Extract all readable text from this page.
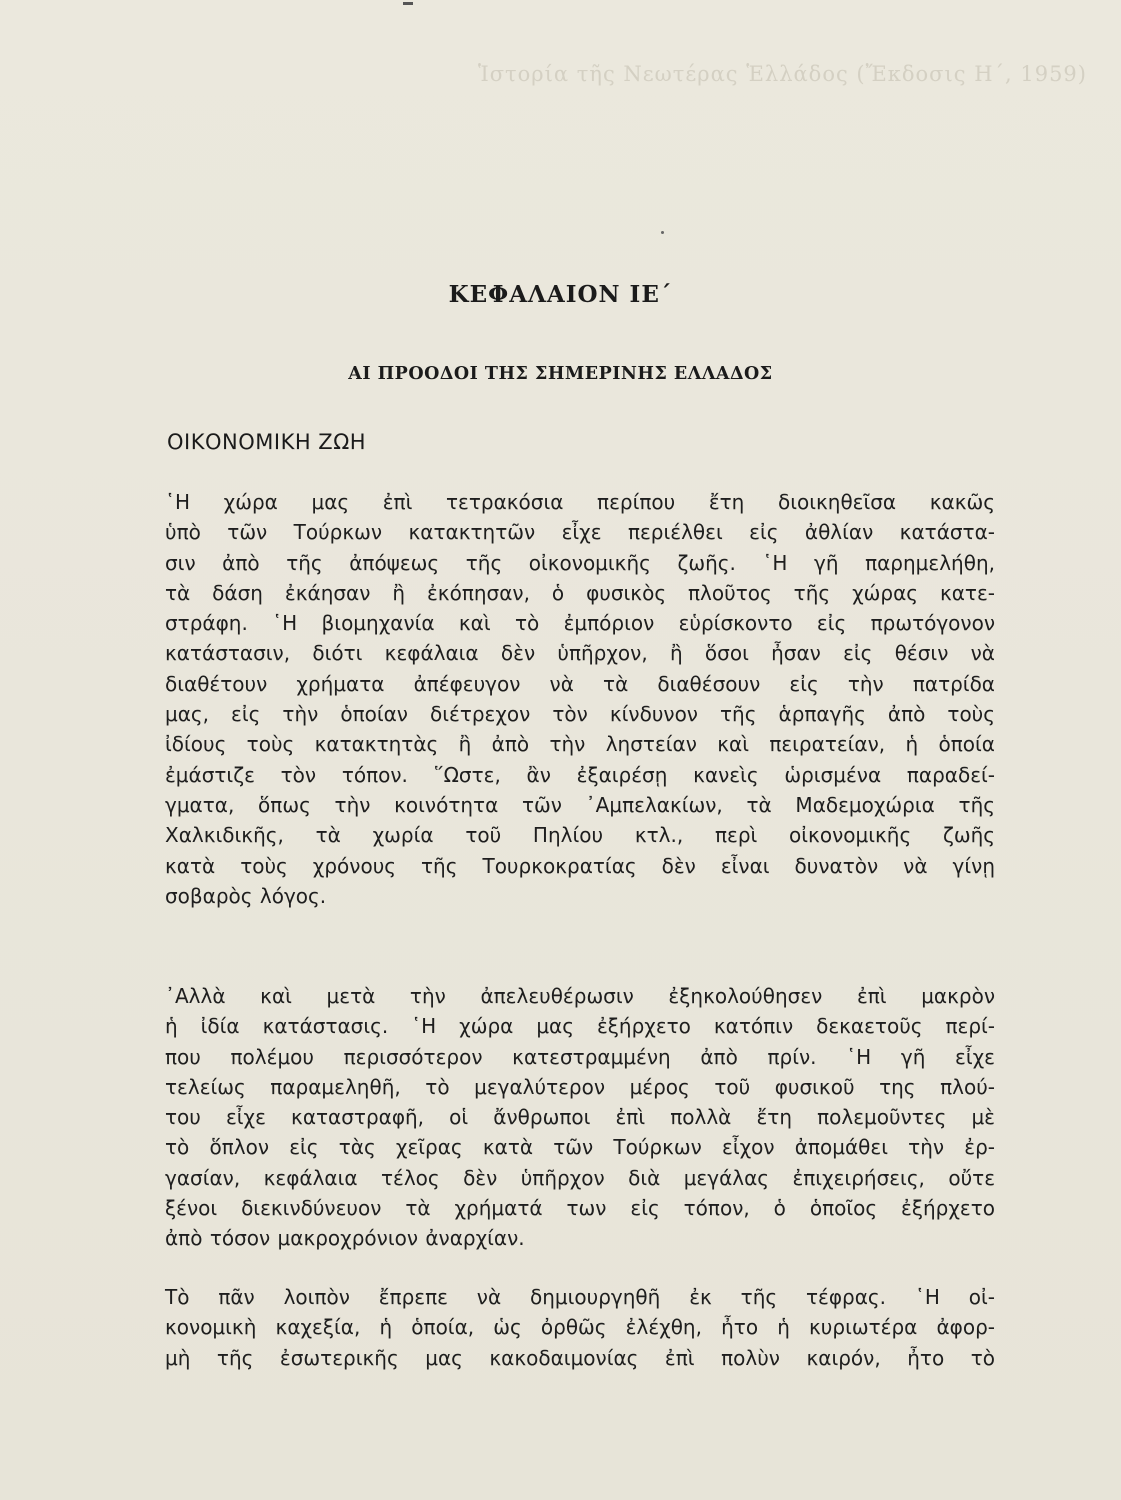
Ἱστορία τῆς Νεωτέρας Ἑλλάδος (Ἔκδοσις Η΄, 1959)
ΚΕΦΑΛΑΙΟΝ ΙΕ΄
ΑΙ ΠΡΟΟΔΟΙ ΤΗΣ ΣΗΜΕΡΙΝΗΣ ΕΛΛΑΔΟΣ
ΟΙΚΟΝΟΜΙΚΗ ΖΩΗ
῾Η χώρα μας ἐπὶ τετρακόσια περίπου ἔτη διοικηθεῖσα κακῶς
ὑπὸ τῶν Τούρκων κατακτητῶν εἶχε περιέλθει εἰς ἀθλίαν κατάστα-
σιν ἀπὸ τῆς ἀπόψεως τῆς οἰκονομικῆς ζωῆς. ῾Η γῆ παρημελήθη,
τὰ δάση ἐκάησαν ἢ ἐκόπησαν, ὁ φυσικὸς πλοῦτος τῆς χώρας κατε-
στράφη. ῾Η βιομηχανία καὶ τὸ ἐμπόριον εὑρίσκοντο εἰς πρωτόγονον
κατάστασιν, διότι κεφάλαια δὲν ὑπῆρχον, ἢ ὅσοι ἦσαν εἰς θέσιν νὰ
διαθέτουν χρήματα ἀπέφευγον νὰ τὰ διαθέσουν εἰς τὴν πατρίδα
μας, εἰς τὴν ὁποίαν διέτρεχον τὸν κίνδυνον τῆς ἁρπαγῆς ἀπὸ τοὺς
ἰδίους τοὺς κατακτητὰς ἢ ἀπὸ τὴν ληστείαν καὶ πειρατείαν, ἡ ὁποία
ἐμάστιζε τὸν τόπον. ῞Ωστε, ἂν ἐξαιρέσῃ κανεὶς ὡρισμένα παραδεί-
γματα, ὅπως τὴν κοινότητα τῶν ᾿Αμπελακίων, τὰ Μαδεμοχώρια τῆς
Χαλκιδικῆς, τὰ χωρία τοῦ Πηλίου κτλ., περὶ οἰκονομικῆς ζωῆς
κατὰ τοὺς χρόνους τῆς Τουρκοκρατίας δὲν εἶναι δυνατὸν νὰ γίνῃ
σοβαρὸς λόγος.
᾿Αλλὰ καὶ μετὰ τὴν ἀπελευθέρωσιν ἐξηκολούθησεν ἐπὶ μακρὸν
ἡ ἰδία κατάστασις. ῾Η χώρα μας ἐξήρχετο κατόπιν δεκαετοῦς περί-
που πολέμου περισσότερον κατεστραμμένη ἀπὸ πρίν. ῾Η γῆ εἶχε
τελείως παραμεληθῆ, τὸ μεγαλύτερον μέρος τοῦ φυσικοῦ της πλού-
του εἶχε καταστραφῆ, οἱ ἄνθρωποι ἐπὶ πολλὰ ἔτη πολεμοῦντες μὲ
τὸ ὅπλον εἰς τὰς χεῖρας κατὰ τῶν Τούρκων εἶχον ἀπομάθει τὴν ἐρ-
γασίαν, κεφάλαια τέλος δὲν ὑπῆρχον διὰ μεγάλας ἐπιχειρήσεις, οὔτε
ξένοι διεκινδύνευον τὰ χρήματά των εἰς τόπον, ὁ ὁποῖος ἐξήρχετο
ἀπὸ τόσον μακροχρόνιον ἀναρχίαν.
Τὸ πᾶν λοιπὸν ἔπρεπε νὰ δημιουργηθῆ ἐκ τῆς τέφρας. ῾Η οἰ-
κονομικὴ καχεξία, ἡ ὁποία, ὡς ὀρθῶς ἐλέχθη, ἦτο ἡ κυριωτέρα ἀφορ-
μὴ τῆς ἐσωτερικῆς μας κακοδαιμονίας ἐπὶ πολὺν καιρόν, ἦτο τὸ
